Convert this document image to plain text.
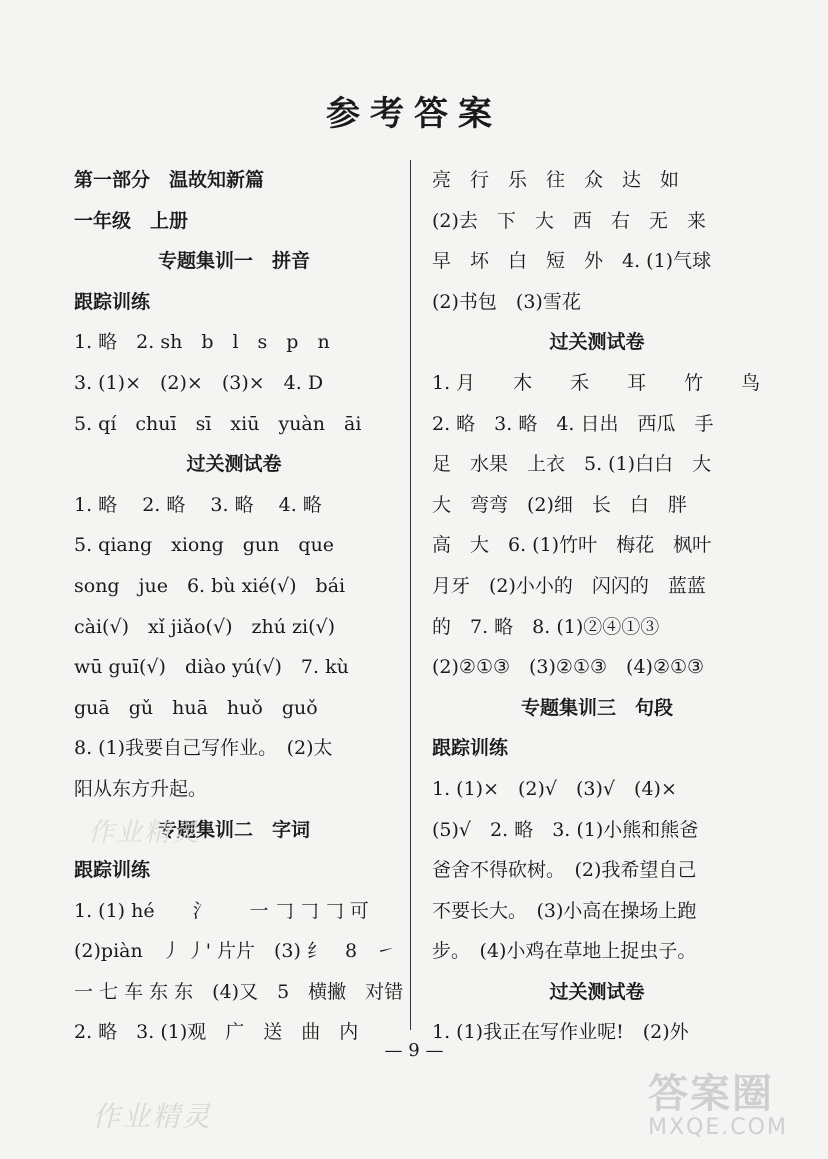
参考答案
第一部分　温故知新篇
一年级　上册
专题集训一　拼音
跟踪训练
1. 略　2. sh　b　l　s　p　n
3. (1)×　(2)×　(3)×　4. D
5. qí　chuī　sī　xiū　yuàn　āi
过关测试卷
1. 略　 2. 略　 3. 略　 4. 略
5. qiang　xiong　gun　que
song　jue　6. bù xié(√)　bái
cài(√)　xǐ jiǎo(√)　zhú zi(√)
wū guī(√)　diào yú(√)　7. kù
guā　gǔ　huā　huǒ　guǒ
8. (1)我要自己写作业。　(2)太
阳从东方升起。
专题集训二　字词
跟踪训练
1. (1) hé　　氵　　一 𠃌 𠃌 𠃌 可
(2)piàn　丿 丿' 片片　(3) 纟　8　㇀
一 七 车 东 东　(4)又　5　横撇　对错
2. 略　3. (1)观　广　送　曲　内
亮　行　乐　往　众　达　如
(2)去　下　大　西　右　无　来
早　坏　白　短　外　4. (1)气球
(2)书包　(3)雪花
过关测试卷
1. 月　　木　　禾　　耳　　竹　　鸟
2. 略　3. 略　4. 日出　西瓜　手
足　水果　上衣　5. (1)白白　大
大　弯弯　(2)细　长　白　胖
高　大　6. (1)竹叶　梅花　枫叶
月牙　(2)小小的　闪闪的　蓝蓝
的　7. 略　8. (1)②④①③
(2)②①③　(3)②①③　(4)②①③
专题集训三　句段
跟踪训练
1. (1)×　(2)√　(3)√　(4)×
(5)√　2. 略　3. (1)小熊和熊爸
爸舍不得砍树。　(2)我希望自己
不要长大。　(3)小高在操场上跑
步。　(4)小鸡在草地上捉虫子。
过关测试卷
1. (1)我正在写作业呢!　(2)外
— 9 —
作业精灵
作业精灵	答案圈
MXQE.COM
